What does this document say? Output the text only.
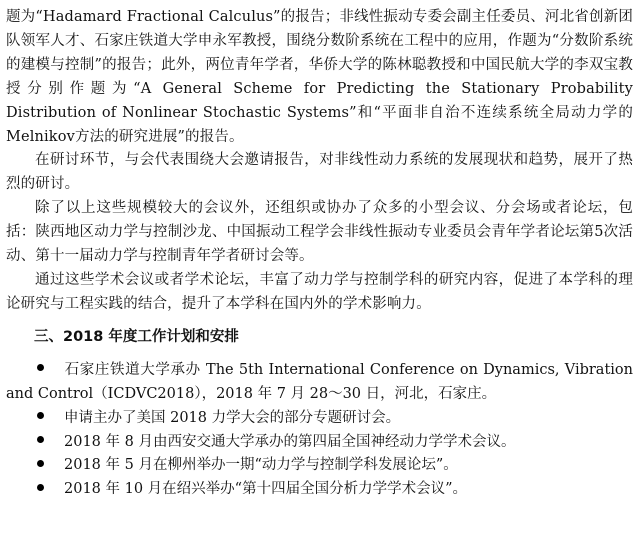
题为“Hadamard Fractional Calculus”的报告；非线性振动专委会副主任委员、河北省创新团队领军人才、石家庄铁道大学申永军教授，围绕分数阶系统在工程中的应用，作题为“分数阶系统的建模与控制”的报告；此外，两位青年学者，华侨大学的陈林聪教授和中国民航大学的李双宝教授分别作题为“A General Scheme for Predicting the Stationary Probability Distribution of Nonlinear Stochastic Systems”和“平面非自治不连续系统全局动力学的Melnikov方法的研究进展”的报告。

在研讨环节，与会代表围绕大会邀请报告，对非线性动力系统的发展现状和趋势，展开了热烈的研讨。

除了以上这些规模较大的会议外，还组织或协办了众多的小型会议、分会场或者论坛，包括：陕西地区动力学与控制沙龙、中国振动工程学会非线性振动专业委员会青年学者论坛第5次活动、第十一届动力学与控制青年学者研讨会等。

通过这些学术会议或者学术论坛，丰富了动力学与控制学科的研究内容，促进了本学科的理论研究与工程实践的结合，提升了本学科在国内外的学术影响力。

三、2018 年度工作计划和安排
石家庄铁道大学承办 The 5th International Conference on Dynamics, Vibration and Control（ICDVC2018），2018 年 7 月 28～30 日，河北，石家庄。
申请主办了美国 2018 力学大会的部分专题研讨会。
2018 年 8 月由西安交通大学承办的第四届全国神经动力学学术会议。
2018 年 5 月在柳州举办一期“动力学与控制学科发展论坛”。
2018 年 10 月在绍兴举办“第十四届全国分析力学学术会议”。
